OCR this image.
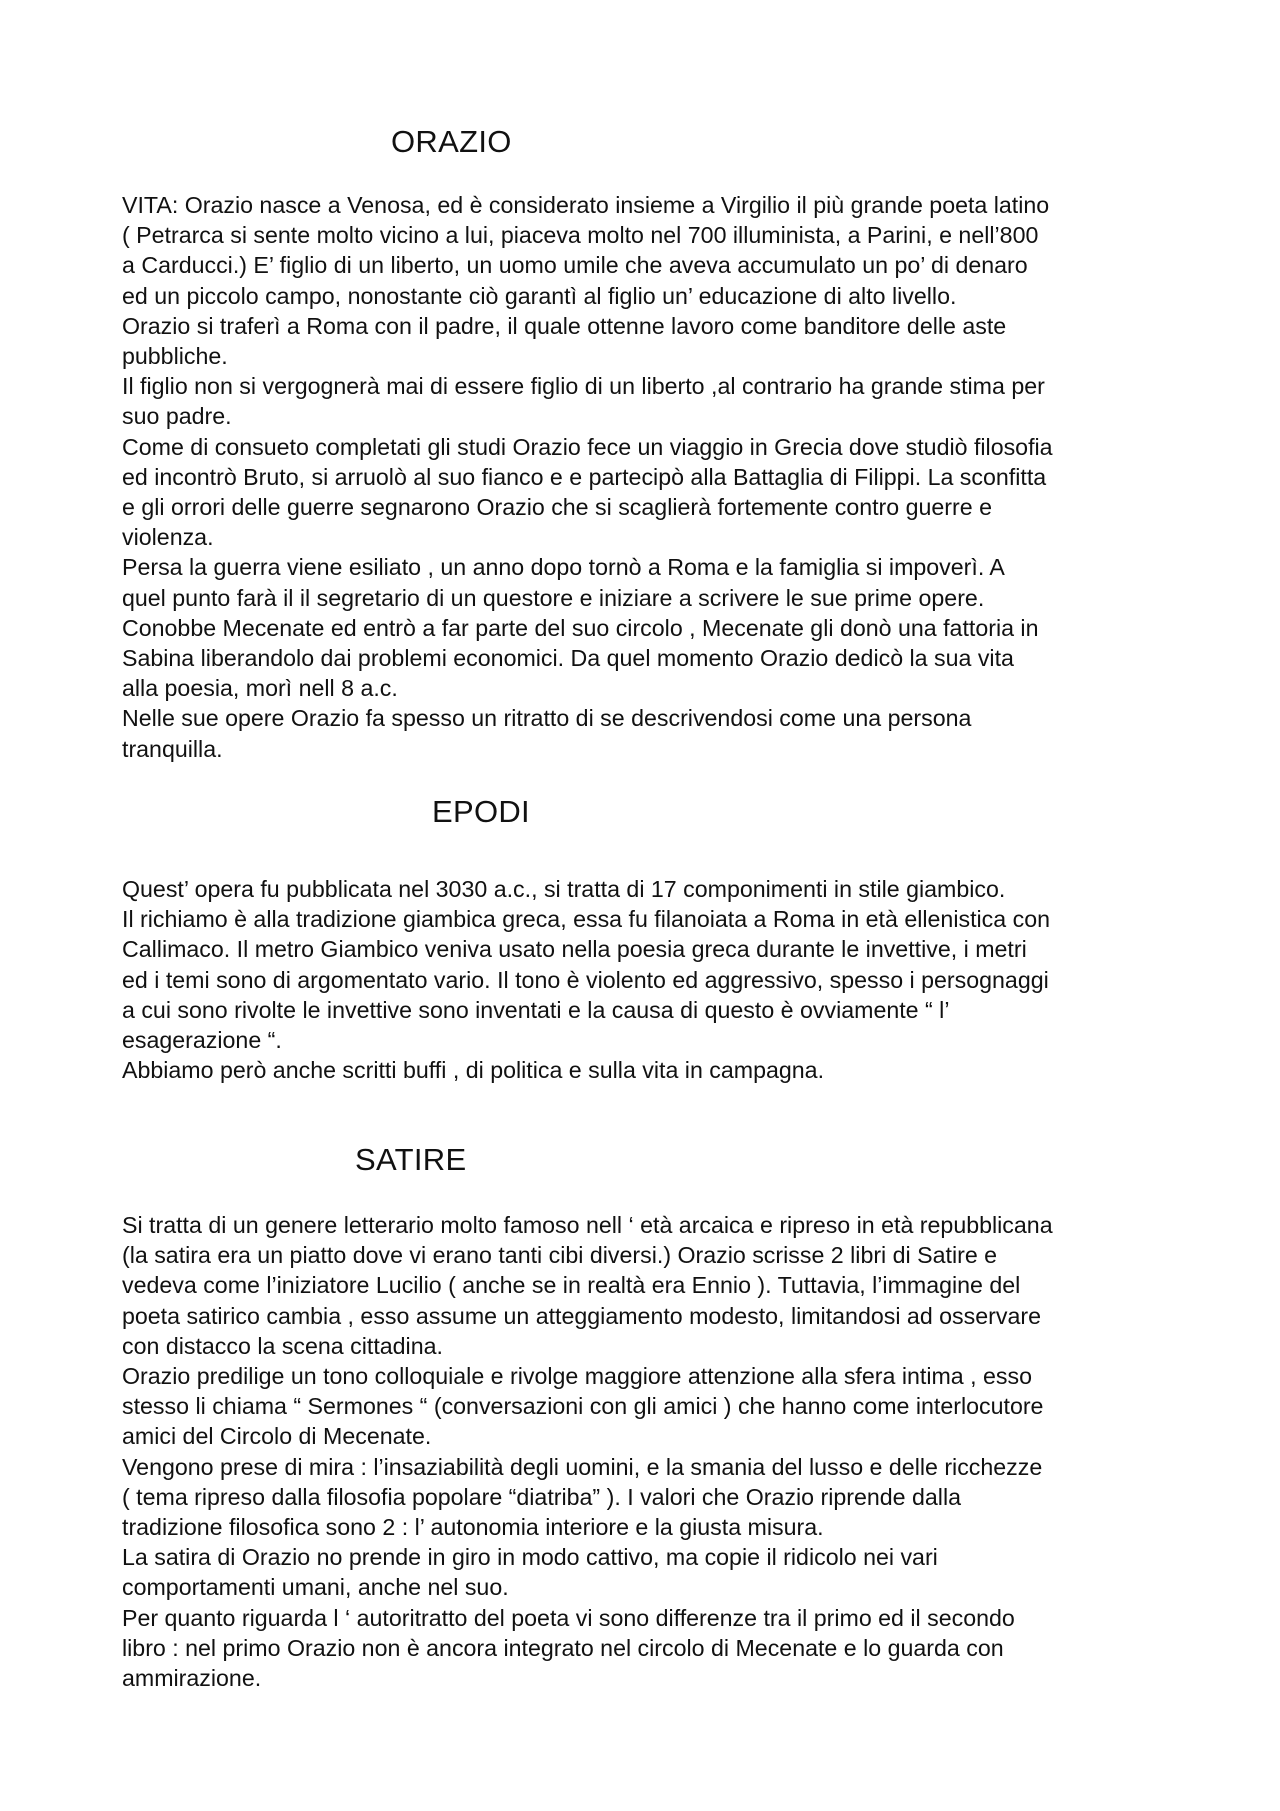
ORAZIO
VITA: Orazio nasce a Venosa, ed è considerato insieme a Virgilio il più grande poeta latino
( Petrarca si sente molto vicino a lui, piaceva molto nel 700 illuminista, a Parini, e nell’800
a Carducci.) E’ figlio di un liberto, un uomo umile che aveva accumulato un po’ di denaro
ed un piccolo campo, nonostante ciò garantì al figlio un’ educazione di alto livello.
Orazio si traferì a Roma con il padre, il quale ottenne lavoro come banditore delle aste
pubbliche.
Il figlio non si vergognerà mai di essere figlio di un liberto ,al contrario ha grande stima per
suo padre.
Come di consueto completati gli studi Orazio fece un viaggio in Grecia dove studiò filosofia
ed incontrò Bruto, si arruolò al suo fianco e e partecipò alla Battaglia di Filippi. La sconfitta
e gli orrori delle guerre segnarono Orazio che si scaglierà fortemente contro guerre e
violenza.
Persa la guerra viene esiliato , un anno dopo tornò a Roma e la famiglia si impoverì. A
quel punto farà il il segretario di un questore e iniziare a scrivere le sue prime opere.
Conobbe Mecenate ed entrò a far parte del suo circolo , Mecenate gli donò una fattoria in
Sabina liberandolo dai problemi economici. Da quel momento Orazio dedicò la sua vita
alla poesia, morì nell 8 a.c.
Nelle sue opere Orazio fa spesso un ritratto di se descrivendosi come una persona
tranquilla.
EPODI
Quest’ opera fu pubblicata nel 3030 a.c., si tratta di 17 componimenti in stile giambico.
Il richiamo è alla tradizione giambica greca, essa fu filanoiata a Roma in età ellenistica con
Callimaco. Il metro Giambico veniva usato nella poesia greca durante le invettive, i metri
ed i temi sono di argomentato vario. Il tono è violento ed aggressivo, spesso i persognaggi
a cui sono rivolte le invettive sono inventati e la causa di questo è ovviamente “ l’
esagerazione “.
Abbiamo però anche scritti buffi , di politica e sulla vita in campagna.
SATIRE
Si tratta di un genere letterario molto famoso nell ‘ età arcaica e ripreso in età repubblicana
(la satira era un piatto dove vi erano tanti cibi diversi.) Orazio scrisse 2 libri di Satire e
vedeva come l’iniziatore Lucilio ( anche se in realtà era Ennio ). Tuttavia, l’immagine del
poeta satirico cambia , esso assume un atteggiamento modesto, limitandosi ad osservare
con distacco la scena cittadina.
Orazio predilige un tono colloquiale e rivolge maggiore attenzione alla sfera intima , esso
stesso li chiama “ Sermones “ (conversazioni con gli amici ) che hanno come interlocutore
amici del Circolo di Mecenate.
Vengono prese di mira : l’insaziabilità degli uomini, e la smania del lusso e delle ricchezze
( tema ripreso dalla filosofia popolare “diatriba” ). I valori che Orazio riprende dalla
tradizione filosofica sono 2 : l’ autonomia interiore e la giusta misura.
La satira di Orazio no prende in giro in modo cattivo, ma copie il ridicolo nei vari
comportamenti umani, anche nel suo.
Per quanto riguarda l ‘ autoritratto del poeta vi sono differenze tra il primo ed il secondo
libro : nel primo Orazio non è ancora integrato nel circolo di Mecenate e lo guarda con
ammirazione.
